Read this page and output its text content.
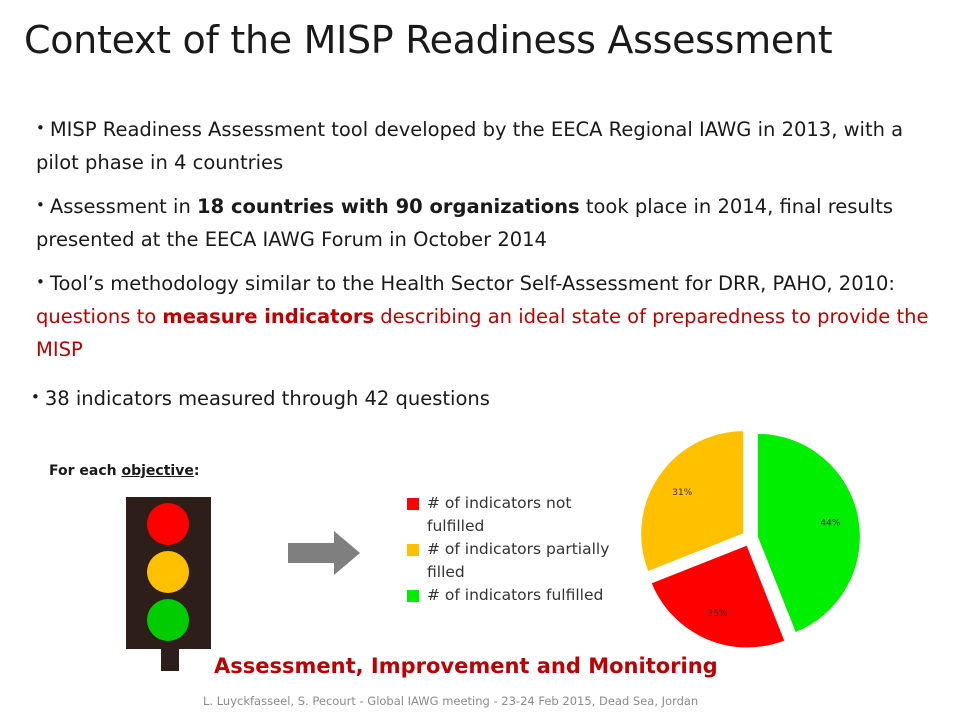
Context of the MISP Readiness Assessment
• MISP Readiness Assessment tool developed by the EECA Regional IAWG in 2013, with a pilot phase in 4 countries
• Assessment in 18 countries with 90 organizations took place in 2014, final results presented at the EECA IAWG Forum in October 2014
• Tool’s methodology similar to the Health Sector Self-Assessment for DRR, PAHO, 2010: questions to measure indicators describing an ideal state of preparedness to provide the MISP
• 38 indicators measured through 42 questions
For each objective:
# of indicators not fulfilled
# of indicators partially filled
# of indicators fulfilled
44%
25%
31%
Assessment, Improvement and Monitoring
L. Luyckfasseel, S. Pecourt - Global IAWG meeting - 23-24 Feb 2015, Dead Sea, Jordan
